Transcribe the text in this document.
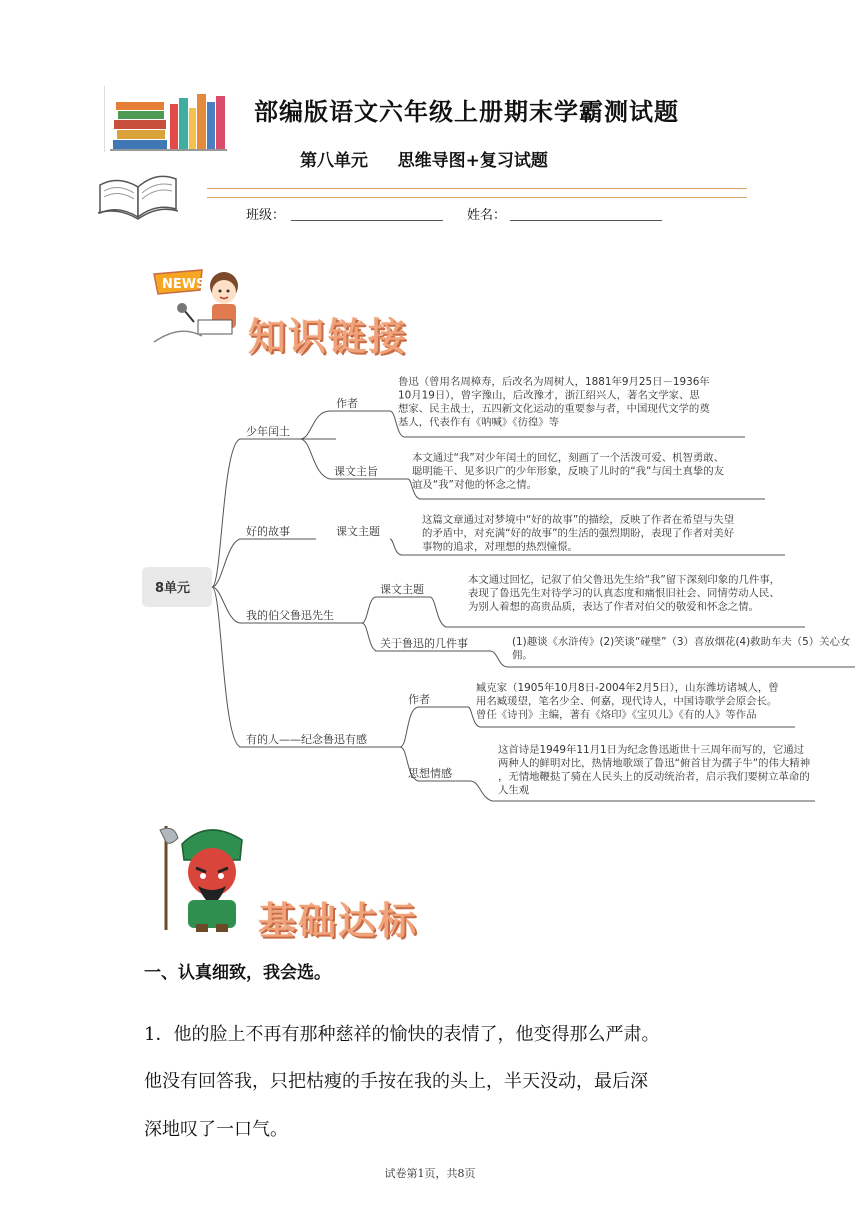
部编版语文六年级上册期末学霸测试题
第八单元     思维导图+复习试题
班级：	姓名：
NEWS
知识链接
8单元
少年闰土
作者
鲁迅（曾用名周樟寿，后改名为周树人，1881年9月25日－1936年
10月19日），曾字豫山，后改豫才，浙江绍兴人，著名文学家、思
想家、民主战士，五四新文化运动的重要参与者，中国现代文学的奠
基人，代表作有《呐喊》《彷徨》等
课文主旨
本文通过“我”对少年闰土的回忆，刻画了一个活泼可爱、机智勇敢、
聪明能干、见多识广的少年形象，反映了儿时的“我”与闰土真挚的友
谊及“我”对他的怀念之情。
好的故事	课文主题
这篇文章通过对梦境中“好的故事”的描绘，反映了作者在希望与失望
的矛盾中，对充满“好的故事”的生活的强烈期盼，表现了作者对美好
事物的追求，对理想的热烈憧憬。
我的伯父鲁迅先生
课文主题
本文通过回忆，记叙了伯父鲁迅先生给“我”留下深刻印象的几件事，
表现了鲁迅先生对待学习的认真态度和痛恨旧社会、同情劳动人民、
为别人着想的高贵品质，表达了作者对伯父的敬爱和怀念之情。
关于鲁迅的几件事	(1)趣谈《水浒传》(2)笑谈“碰壁”（3）喜放烟花(4)救助车夫（5）关心女
佣。
有的人——纪念鲁迅有感
作者
臧克家（1905年10月8日-2004年2月5日），山东潍坊诸城人，曾
用名臧瑗望，笔名少全、何嘉，现代诗人，中国诗歌学会原会长。
曾任《诗刊》主编，著有《烙印》《宝贝儿》《有的人》等作品
思想情感
这首诗是1949年11月1日为纪念鲁迅逝世十三周年而写的，它通过
两种人的鲜明对比，热情地歌颂了鲁迅“俯首甘为孺子牛”的伟大精神
，无情地鞭挞了骑在人民头上的反动统治者，启示我们要树立革命的
人生观
基础达标
一、认真细致，我会选。
1．他的脸上不再有那种慈祥的愉快的表情了，他变得那么严肃。
他没有回答我，只把枯瘦的手按在我的头上，半天没动，最后深
深地叹了一口气。
试卷第1页，共8页
